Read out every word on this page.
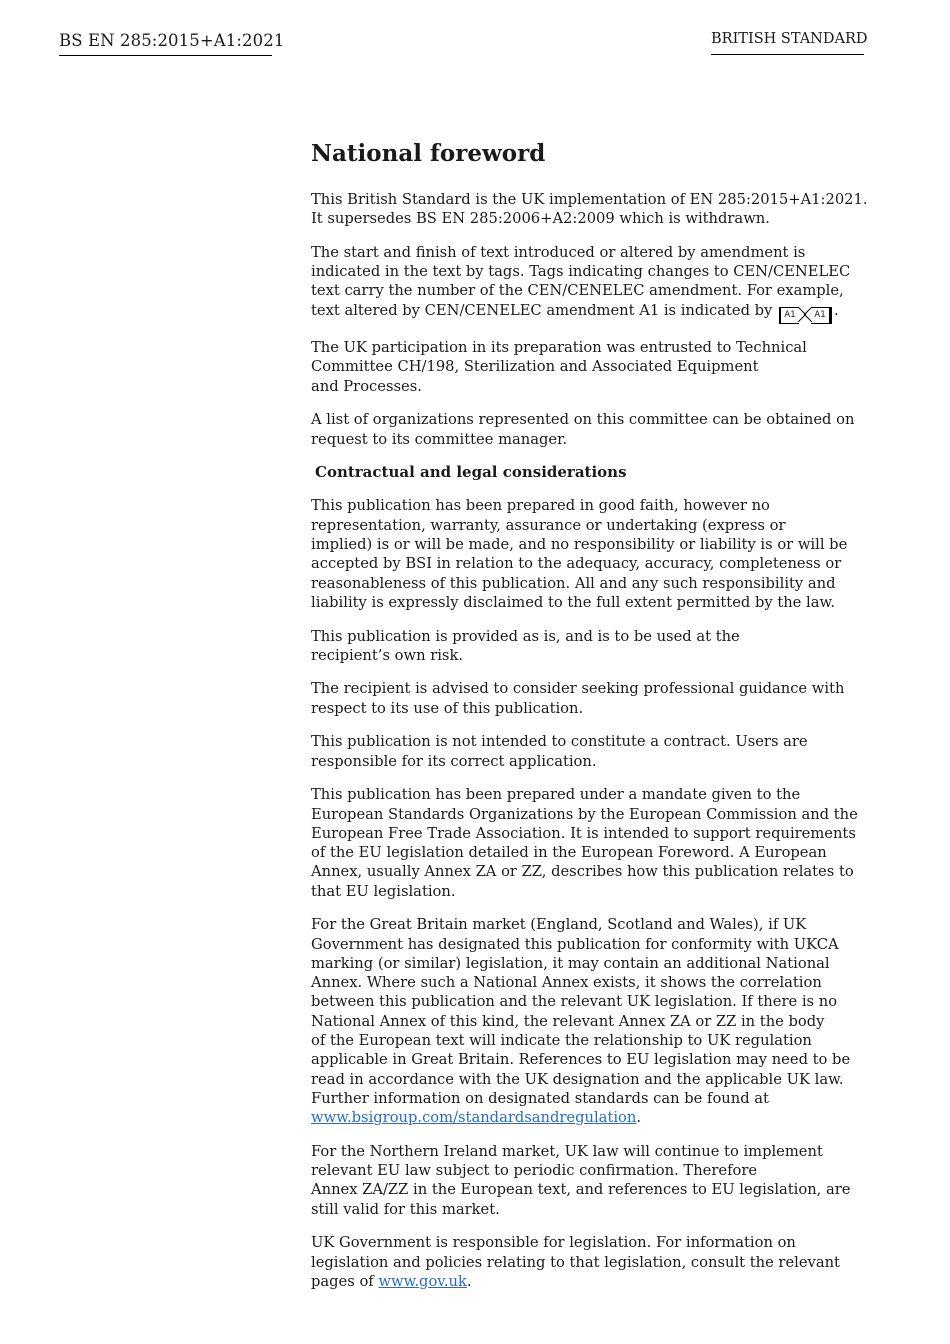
BS EN 285:2015+A1:2021	BRITISH STANDARD
National foreword

This British Standard is the UK implementation of EN 285:2015+A1:2021.
It supersedes BS EN 285:2006+A2:2009 which is withdrawn.

The start and finish of text introduced or altered by amendment is
indicated in the text by tags. Tags indicating changes to CEN/CENELEC
text carry the number of the CEN/CENELEC amendment. For example,
text altered by CEN/CENELEC amendment A1 is indicated by A1 A1 .

The UK participation in its preparation was entrusted to Technical
Committee CH/198, Sterilization and Associated Equipment
and Processes.

A list of organizations represented on this committee can be obtained on
request to its committee manager.

Contractual and legal considerations

This publication has been prepared in good faith, however no
representation, warranty, assurance or undertaking (express or
implied) is or will be made, and no responsibility or liability is or will be
accepted by BSI in relation to the adequacy, accuracy, completeness or
reasonableness of this publication. All and any such responsibility and
liability is expressly disclaimed to the full extent permitted by the law.

This publication is provided as is, and is to be used at the
recipient’s own risk.

The recipient is advised to consider seeking professional guidance with
respect to its use of this publication.

This publication is not intended to constitute a contract. Users are
responsible for its correct application.

This publication has been prepared under a mandate given to the
European Standards Organizations by the European Commission and the
European Free Trade Association. It is intended to support requirements
of the EU legislation detailed in the European Foreword. A European
Annex, usually Annex ZA or ZZ, describes how this publication relates to
that EU legislation.

For the Great Britain market (England, Scotland and Wales), if UK
Government has designated this publication for conformity with UKCA
marking (or similar) legislation, it may contain an additional National
Annex. Where such a National Annex exists, it shows the correlation
between this publication and the relevant UK legislation. If there is no
National Annex of this kind, the relevant Annex ZA or ZZ in the body
of the European text will indicate the relationship to UK regulation
applicable in Great Britain. References to EU legislation may need to be
read in accordance with the UK designation and the applicable UK law.
Further information on designated standards can be found at
www.bsigroup.com/standardsandregulation.

For the Northern Ireland market, UK law will continue to implement
relevant EU law subject to periodic confirmation. Therefore
Annex ZA/ZZ in the European text, and references to EU legislation, are
still valid for this market.

UK Government is responsible for legislation. For information on
legislation and policies relating to that legislation, consult the relevant
pages of www.gov.uk.
